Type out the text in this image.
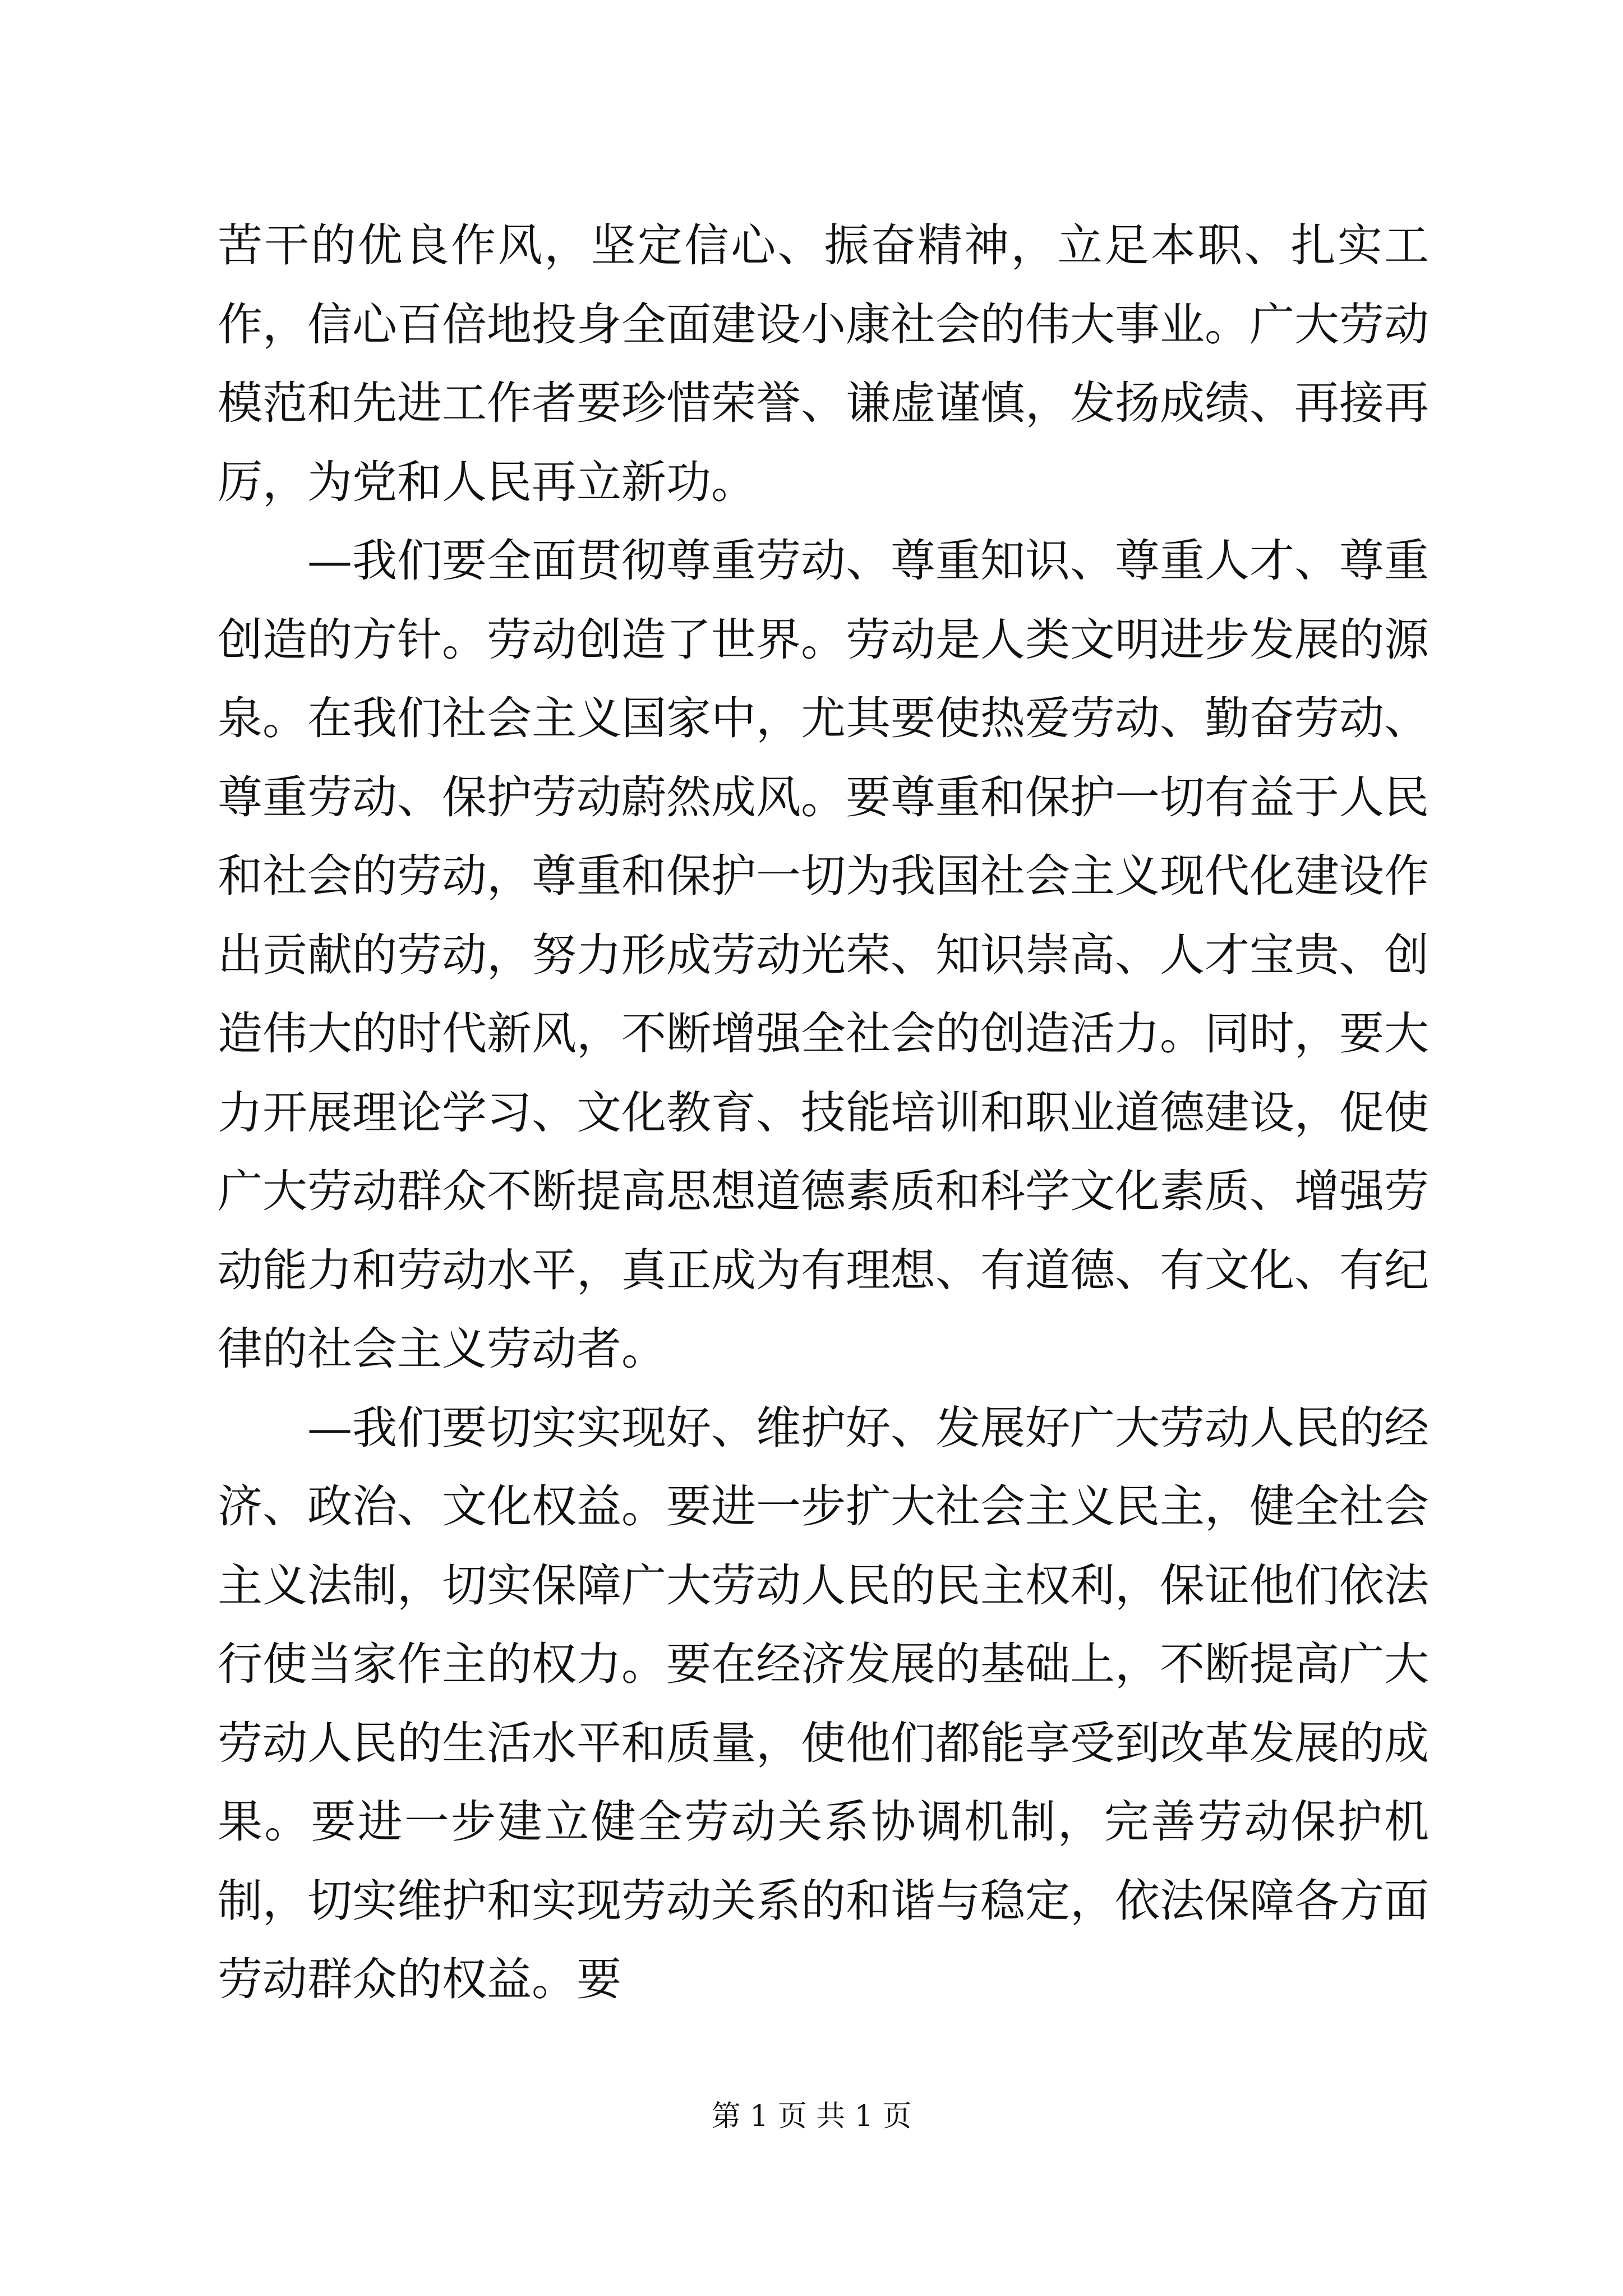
苦干的优良作风，坚定信心、振奋精神，立足本职、扎实工作，信心百倍地投身全面建设小康社会的伟大事业。广大劳动模范和先进工作者要珍惜荣誉、谦虚谨慎，发扬成绩、再接再厉，为党和人民再立新功。

—我们要全面贯彻尊重劳动、尊重知识、尊重人才、尊重创造的方针。劳动创造了世界。劳动是人类文明进步发展的源泉。在我们社会主义国家中，尤其要使热爱劳动、勤奋劳动、尊重劳动、保护劳动蔚然成风。要尊重和保护一切有益于人民和社会的劳动，尊重和保护一切为我国社会主义现代化建设作出贡献的劳动，努力形成劳动光荣、知识崇高、人才宝贵、创造伟大的时代新风，不断增强全社会的创造活力。同时，要大力开展理论学习、文化教育、技能培训和职业道德建设，促使广大劳动群众不断提高思想道德素质和科学文化素质、增强劳动能力和劳动水平，真正成为有理想、有道德、有文化、有纪律的社会主义劳动者。

—我们要切实实现好、维护好、发展好广大劳动人民的经济、政治、文化权益。要进一步扩大社会主义民主，健全社会主义法制，切实保障广大劳动人民的民主权利，保证他们依法行使当家作主的权力。要在经济发展的基础上，不断提高广大劳动人民的生活水平和质量，使他们都能享受到改革发展的成果。要进一步建立健全劳动关系协调机制，完善劳动保护机制，切实维护和实现劳动关系的和谐与稳定，依法保障各方面劳动群众的权益。要

第 1 页 共 1 页
